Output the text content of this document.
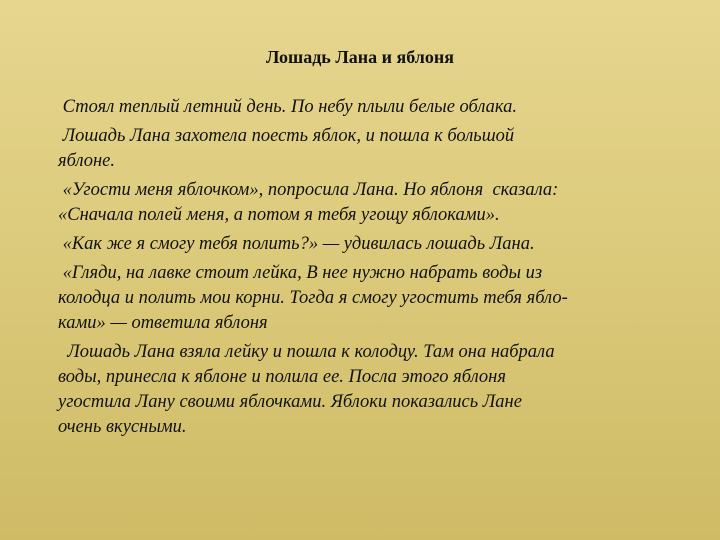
Лошадь Лана и яблоня

Стоял теплый летний день. По небу плыли белые облака.

Лошадь Лана захотела поесть яблок, и пошла к большой
яблоне.

«Угости меня яблочком», попросила Лана. Но яблоня  сказала:
«Сначала полей меня, а потом я тебя угощу яблоками».

«Как же я смогу тебя полить?» — удивилась лошадь Лана.

«Гляди, на лавке стоит лейка, В нее нужно набрать воды из
колодца и полить мои корни. Тогда я смогу угостить тебя ябло-
ками» — ответила яблоня

Лошадь Лана взяла лейку и пошла к колодцу. Там она набрала
воды, принесла к яблоне и полила ее. Посла этого яблоня
угостила Лану своими яблочками. Яблоки показались Лане
очень вкусными.
